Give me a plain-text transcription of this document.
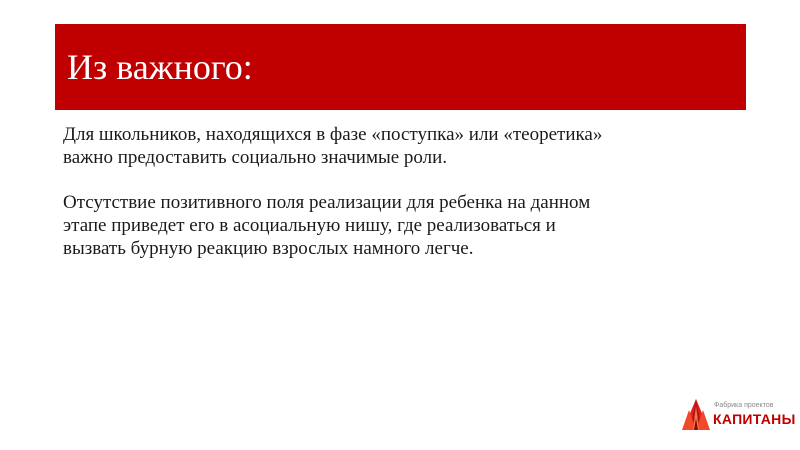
Из важного:

Для школьников, находящихся в фазе «поступка» или «теоретика»
важно предоставить социально значимые роли.

Отсутствие позитивного поля реализации для ребенка на данном
этапе приведет его в асоциальную нишу, где реализоваться и
вызвать бурную реакцию взрослых намного легче.

Фабрика проектов
КАПИТАНЫ
